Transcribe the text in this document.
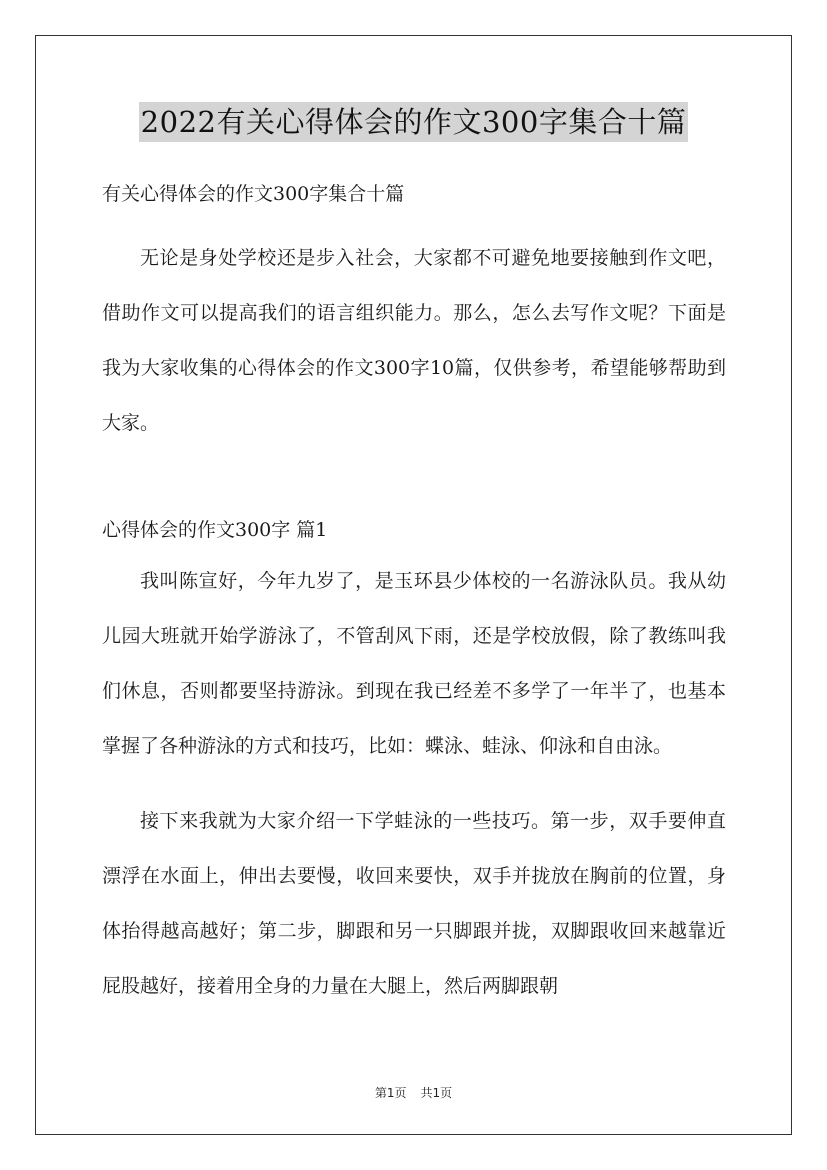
2022有关心得体会的作文300字集合十篇
有关心得体会的作文300字集合十篇

无论是身处学校还是步入社会，大家都不可避免地要接触到作文吧，借助作文可以提高我们的语言组织能力。那么，怎么去写作文呢？下面是我为大家收集的心得体会的作文300字10篇，仅供参考，希望能够帮助到大家。

心得体会的作文300字 篇1

我叫陈宣好，今年九岁了，是玉环县少体校的一名游泳队员。我从幼儿园大班就开始学游泳了，不管刮风下雨，还是学校放假，除了教练叫我们休息，否则都要坚持游泳。到现在我已经差不多学了一年半了，也基本掌握了各种游泳的方式和技巧，比如：蝶泳、蛙泳、仰泳和自由泳。

接下来我就为大家介绍一下学蛙泳的一些技巧。第一步，双手要伸直漂浮在水面上，伸出去要慢，收回来要快，双手并拢放在胸前的位置，身体抬得越高越好；第二步，脚跟和另一只脚跟并拢，双脚跟收回来越靠近屁股越好，接着用全身的力量在大腿上，然后两脚跟朝

第1页 共1页
